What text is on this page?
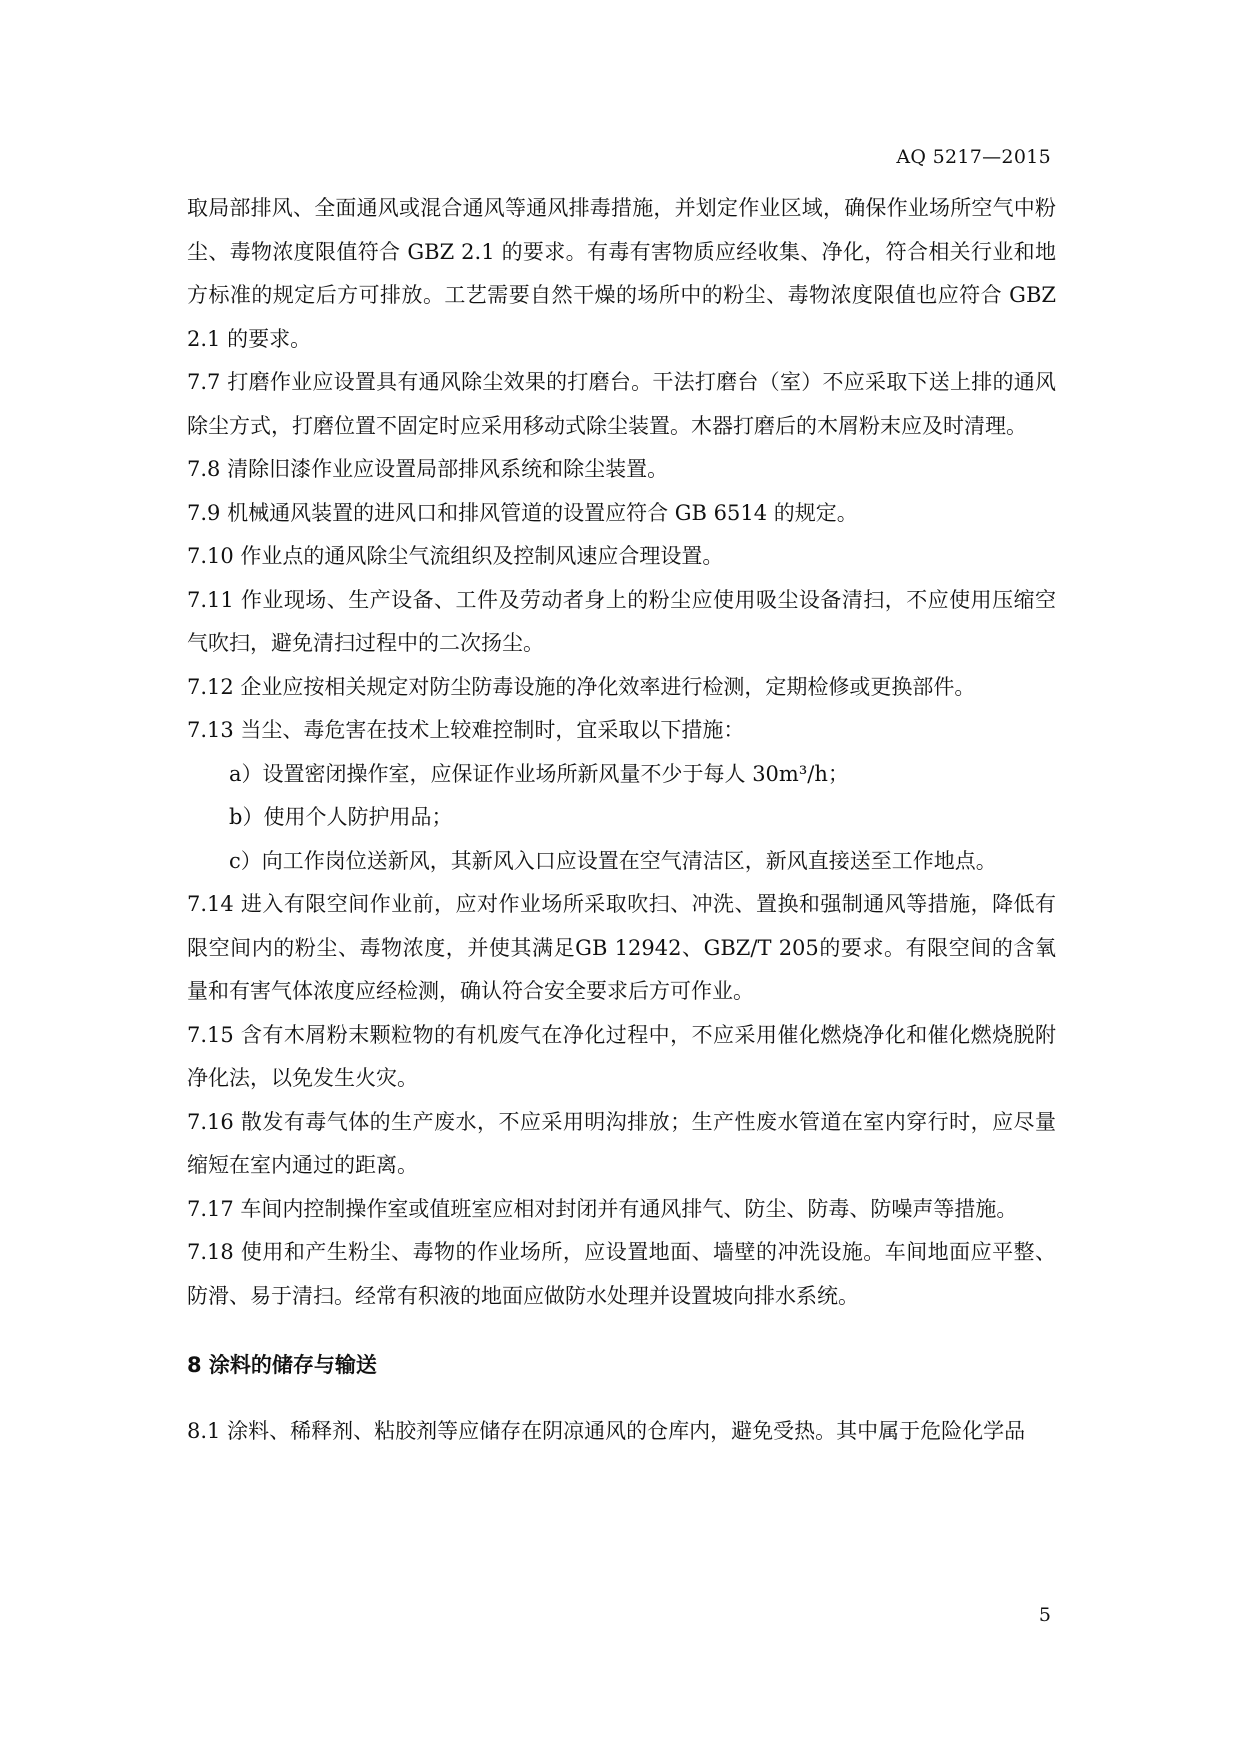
AQ 5217—2015

取局部排风、全面通风或混合通风等通风排毒措施，并划定作业区域，确保作业场所空气中粉尘、毒物浓度限值符合 GBZ 2.1 的要求。有毒有害物质应经收集、净化，符合相关行业和地方标准的规定后方可排放。工艺需要自然干燥的场所中的粉尘、毒物浓度限值也应符合 GBZ 2.1 的要求。

7.7 打磨作业应设置具有通风除尘效果的打磨台。干法打磨台（室）不应采取下送上排的通风除尘方式，打磨位置不固定时应采用移动式除尘装置。木器打磨后的木屑粉末应及时清理。

7.8 清除旧漆作业应设置局部排风系统和除尘装置。

7.9 机械通风装置的进风口和排风管道的设置应符合 GB 6514 的规定。

7.10 作业点的通风除尘气流组织及控制风速应合理设置。

7.11 作业现场、生产设备、工件及劳动者身上的粉尘应使用吸尘设备清扫，不应使用压缩空气吹扫，避免清扫过程中的二次扬尘。

7.12 企业应按相关规定对防尘防毒设施的净化效率进行检测，定期检修或更换部件。

7.13 当尘、毒危害在技术上较难控制时，宜采取以下措施：

a）设置密闭操作室，应保证作业场所新风量不少于每人 30m³/h；

b）使用个人防护用品；

c）向工作岗位送新风，其新风入口应设置在空气清洁区，新风直接送至工作地点。

7.14 进入有限空间作业前，应对作业场所采取吹扫、冲洗、置换和强制通风等措施，降低有限空间内的粉尘、毒物浓度，并使其满足GB 12942、GBZ/T 205的要求。有限空间的含氧量和有害气体浓度应经检测，确认符合安全要求后方可作业。

7.15 含有木屑粉末颗粒物的有机废气在净化过程中，不应采用催化燃烧净化和催化燃烧脱附净化法，以免发生火灾。

7.16 散发有毒气体的生产废水，不应采用明沟排放；生产性废水管道在室内穿行时，应尽量缩短在室内通过的距离。

7.17 车间内控制操作室或值班室应相对封闭并有通风排气、防尘、防毒、防噪声等措施。

7.18 使用和产生粉尘、毒物的作业场所，应设置地面、墙壁的冲洗设施。车间地面应平整、防滑、易于清扫。经常有积液的地面应做防水处理并设置坡向排水系统。

8 涂料的储存与输送

8.1 涂料、稀释剂、粘胶剂等应储存在阴凉通风的仓库内，避免受热。其中属于危险化学品

5
